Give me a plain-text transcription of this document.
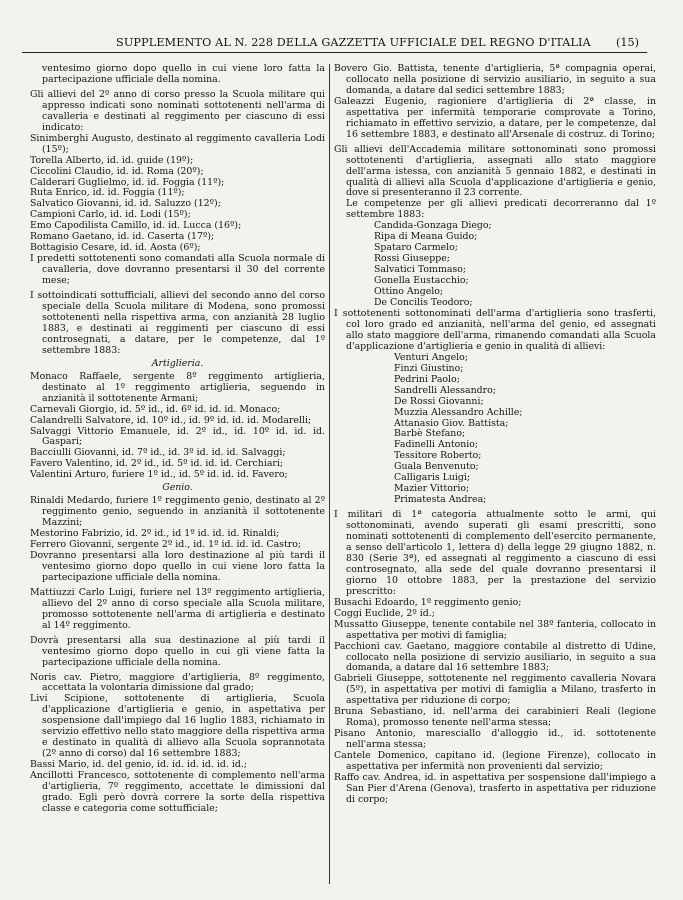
SUPPLEMENTO AL N. 228 DELLA GAZZETTA UFFICIALE DEL REGNO D'ITALIA (15)
ventesimo giorno dopo quello in cui viene loro fatta la partecipazione ufficiale della nomina.
Gli allievi del 2º anno di corso presso la Scuola militare qui appresso indicati sono nominati sottotenenti nell'arma di cavalleria e destinati al reggimento per ciascuno di essi indicato:
Sinimberghi Augusto, destinato al reggimento cavalleria Lodi (15º);
Torella Alberto, id. id. guide (19º);
Ciccolini Claudio, id. id. Roma (20º);
Calderari Guglielmo, id. id. Foggia (11º);
Ruta Enrico, id. id. Foggia (11º);
Salvatico Giovanni, id. id. Saluzzo (12º);
Campioni Carlo, id. id. Lodi (15º);
Emo Capodilista Camillo, id. id. Lucca (16º);
Romano Gaetano, id. id. Caserta (17º);
Bottagisio Cesare, id. id. Aosta (6º);
I predetti sottotenenti sono comandati alla Scuola normale di cavalleria, dove dovranno presentarsi il 30 del corrente mese;
I sottoindicati sottufficiali, allievi del secondo anno del corso speciale della Scuola militare di Modena, sono promossi sottotenenti nella rispettiva arma, con anzianità 28 luglio 1883, e destinati ai reggimenti per ciascuno di essi controsegnati, a datare, per le competenze, dal 1º settembre 1883:
Artiglieria.
Monaco Raffaele, sergente 8º reggimento artiglieria, destinato al 1º reggimento artiglieria, seguendo in anzianità il sottotenente Armani;
Carnevali Giorgio, id. 5º id., id. 6º id. id. id. Monaco;
Calandrelli Salvatore, id. 10º id., id. 9º id. id. id. Modarelli;
Salvaggi Vittorio Emanuele, id. 2º id., id. 10º id. id. id. Gaspari;
Bacciulli Giovanni, id. 7º id., id. 3º id. id. id. Salvaggi;
Favero Valentino, id. 2º id., id. 5º id. id. id. Cerchiari;
Valentini Arturo, furiere 1º id., id. 5º id. id. id. Favero;
Genio.
Rinaldi Medardo, furiere 1º reggimento genio, destinato al 2º reggimento genio, seguendo in anzianità il sottotenente Mazzini;
Mestorino Fabrizio, id. 2º id., id 1º id. id. id. Rinaldi;
Ferrero Giovanni, sergente 2º id., id. 1º id. id. id. Castro;
Dovranno presentarsi alla loro destinazione al più tardi il ventesimo giorno dopo quello in cui viene loro fatta la partecipazione ufficiale della nomina.
Mattiuzzi Carlo Luigi, furiere nel 13º reggimento artiglieria, allievo del 2º anno di corso speciale alla Scuola militare, promosso sottotenente nell'arma di artiglieria e destinato al 14º reggimento.
Dovrà presentarsi alla sua destinazione al più tardi il ventesimo giorno dopo quello in cui gli viene fatta la partecipazione ufficiale della nomina.
Noris cav. Pietro, maggiore d'artiglieria, 8º reggimento, accettata la volontaria dimissione dal grado;
Livi Scipione, sottotenente di artiglieria, Scuola d'applicazione d'artiglieria e genio, in aspettativa per sospensione dall'impiego dal 16 luglio 1883, richiamato in servizio effettivo nello stato maggiore della rispettiva arma e destinato in qualità di allievo alla Scuola soprannotata (2º anno di corso) dal 16 settembre 1883;
Bassi Mario, id. del genio, id. id. id. id. id. id.;
Ancillotti Francesco, sottotenente di complemento nell'arma d'artiglieria, 7º reggimento, accettate le dimissioni dal grado. Egli però dovrà correre la sorte della rispettiva classe e categoria come sottufficiale;
Bovero Gio. Battista, tenente d'artiglieria, 5ª compagnia operai, collocato nella posizione di servizio ausiliario, in seguito a sua domanda, a datare dal sedici settembre 1883;
Galeazzi Eugenio, ragioniere d'artiglieria di 2ª classe, in aspettativa per infermità temporarie comprovate a Torino, richiamato in effettivo servizio, a datare, per le competenze, dal 16 settembre 1883, e destinato all'Arsenale di costruz. di Torino;
Gli allievi dell'Accademia militare sottonominati sono promossi sottotenenti d'artiglieria, assegnati allo stato maggiore dell'arma istessa, con anzianità 5 gennaio 1882, e destinati in qualità di allievi alla Scuola d'applicazione d'artiglieria e genio, dove si presenteranno il 23 corrente.
Le competenze per gli allievi predicati decorreranno dal 1º settembre 1883:
Candida-Gonzaga Diego;
Ripa di Meana Guido;
Spataro Carmelo;
Rossi Giuseppe;
Salvatici Tommaso;
Gonella Eustacchio;
Ottino Angelo;
De Concilis Teodoro;
I sottotenenti sottonominati dell'arma d'artiglieria sono trasferti, col loro grado ed anzianità, nell'arma del genio, ed assegnati allo stato maggiore dell'arma, rimanendo comandati alla Scuola d'applicazione d'artiglieria e genio in qualità di allievi:
Venturi Angelo;
Finzi Giustino;
Pedrini Paolo;
Sandrelli Alessandro;
De Rossi Giovanni;
Muzzia Alessandro Achille;
Attanasio Giov. Battista;
Barbè Stefano;
Fadinelli Antonio;
Tessitore Roberto;
Guala Benvenuto;
Calligaris Luigi;
Mazier Vittorio;
Primatesta Andrea;
I militari di 1ª categoria attualmente sotto le armi, qui sottonominati, avendo superati gli esami prescritti, sono nominati sottotenenti di complemento dell'esercito permanente, a senso dell'articolo 1, lettera d) della legge 29 giugno 1882, n. 830 (Serie 3ª), ed assegnati al reggimento a ciascuno di essi controsegnato, alla sede del quale dovranno presentarsi il giorno 10 ottobre 1883, per la prestazione del servizio prescritto:
Busachi Edoardo, 1º reggimento genio;
Coggi Euclide, 2º id.;
Mussatto Giuseppe, tenente contabile nel 38º fanteria, collocato in aspettativa per motivi di famiglia;
Pacchioni cav. Gaetano, maggiore contabile al distretto di Udine, collocato nella posizione di servizio ausiliario, in seguito a sua domanda, a datare dal 16 settembre 1883;
Gabrieli Giuseppe, sottotenente nel reggimento cavalleria Novara (5º), in aspettativa per motivi di famiglia a Milano, trasferto in aspettativa per riduzione di corpo;
Bruna Sebastiano, id. nell'arma dei carabinieri Reali (legione Roma), promosso tenente nell'arma stessa;
Pisano Antonio, maresciallo d'alloggio id., id. sottotenente nell'arma stessa;
Cantele Domenico, capitano id. (legione Firenze), collocato in aspettativa per infermità non provenienti dal servizio;
Raffo cav. Andrea, id. in aspettativa per sospensione dall'impiego a San Pier d'Arena (Genova), trasferto in aspettativa per riduzione di corpo;
